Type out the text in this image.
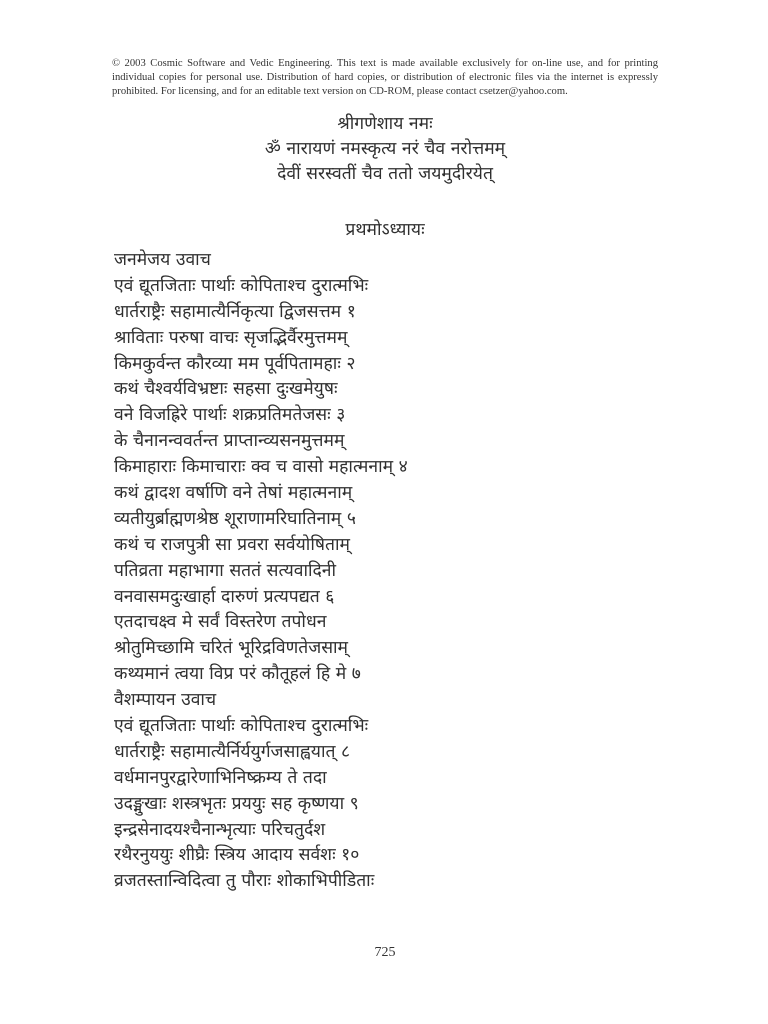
© 2003 Cosmic Software and Vedic Engineering. This text is made available exclusively for on-line use, and for printing individual copies for personal use. Distribution of hard copies, or distribution of electronic files via the internet is expressly prohibited. For licensing, and for an editable text version on CD-ROM, please contact csetzer@yahoo.com.
श्रीगणेशाय नमः
ॐ नारायणं नमस्कृत्य नरं चैव नरोत्तमम्
देवीं सरस्वतीं चैव ततो जयमुदीरयेत्
प्रथमोऽध्यायः
जनमेजय उवाच
एवं द्यूतजिताः पार्थाः कोपिताश्च दुरात्मभिः
धार्तराष्ट्रैः सहामात्यैर्निकृत्या द्विजसत्तम १
श्राविताः परुषा वाचः सृजद्भिर्वैरमुत्तमम्
किमकुर्वन्त कौरव्या मम पूर्वपितामहाः २
कथं चैश्वर्यविभ्रष्टाः सहसा दुःखमेयुषः
वने विजह्रिरे पार्थाः शक्रप्रतिमतेजसः ३
के चैनानन्ववर्तन्त प्राप्तान्व्यसनमुत्तमम्
किमाहाराः किमाचाराः क्व च वासो महात्मनाम् ४
कथं द्वादश वर्षाणि वने तेषां महात्मनाम्
व्यतीयुर्ब्राह्मणश्रेष्ठ शूराणामरिघातिनाम् ५
कथं च राजपुत्री सा प्रवरा सर्वयोषिताम्
पतिव्रता महाभागा सततं सत्यवादिनी
वनवासमदुःखार्हा दारुणं प्रत्यपद्यत ६
एतदाचक्ष्व मे सर्वं विस्तरेण तपोधन
श्रोतुमिच्छामि चरितं भूरिद्रविणतेजसाम्
कथ्यमानं त्वया विप्र परं कौतूहलं हि मे ७
वैशम्पायन उवाच
एवं द्यूतजिताः पार्थाः कोपिताश्च दुरात्मभिः
धार्तराष्ट्रैः सहामात्यैर्निर्ययुर्गजसाह्वयात् ८
वर्धमानपुरद्वारेणाभिनिष्क्रम्य ते तदा
उदङ्मुखाः शस्त्रभृतः प्रययुः सह कृष्णया ९
इन्द्रसेनादयश्चैनान्भृत्याः परिचतुर्दश
रथैरनुययुः शीघ्रैः स्त्रिय आदाय सर्वशः १०
व्रजतस्तान्विदित्वा तु पौराः शोकाभिपीडिताः
725
